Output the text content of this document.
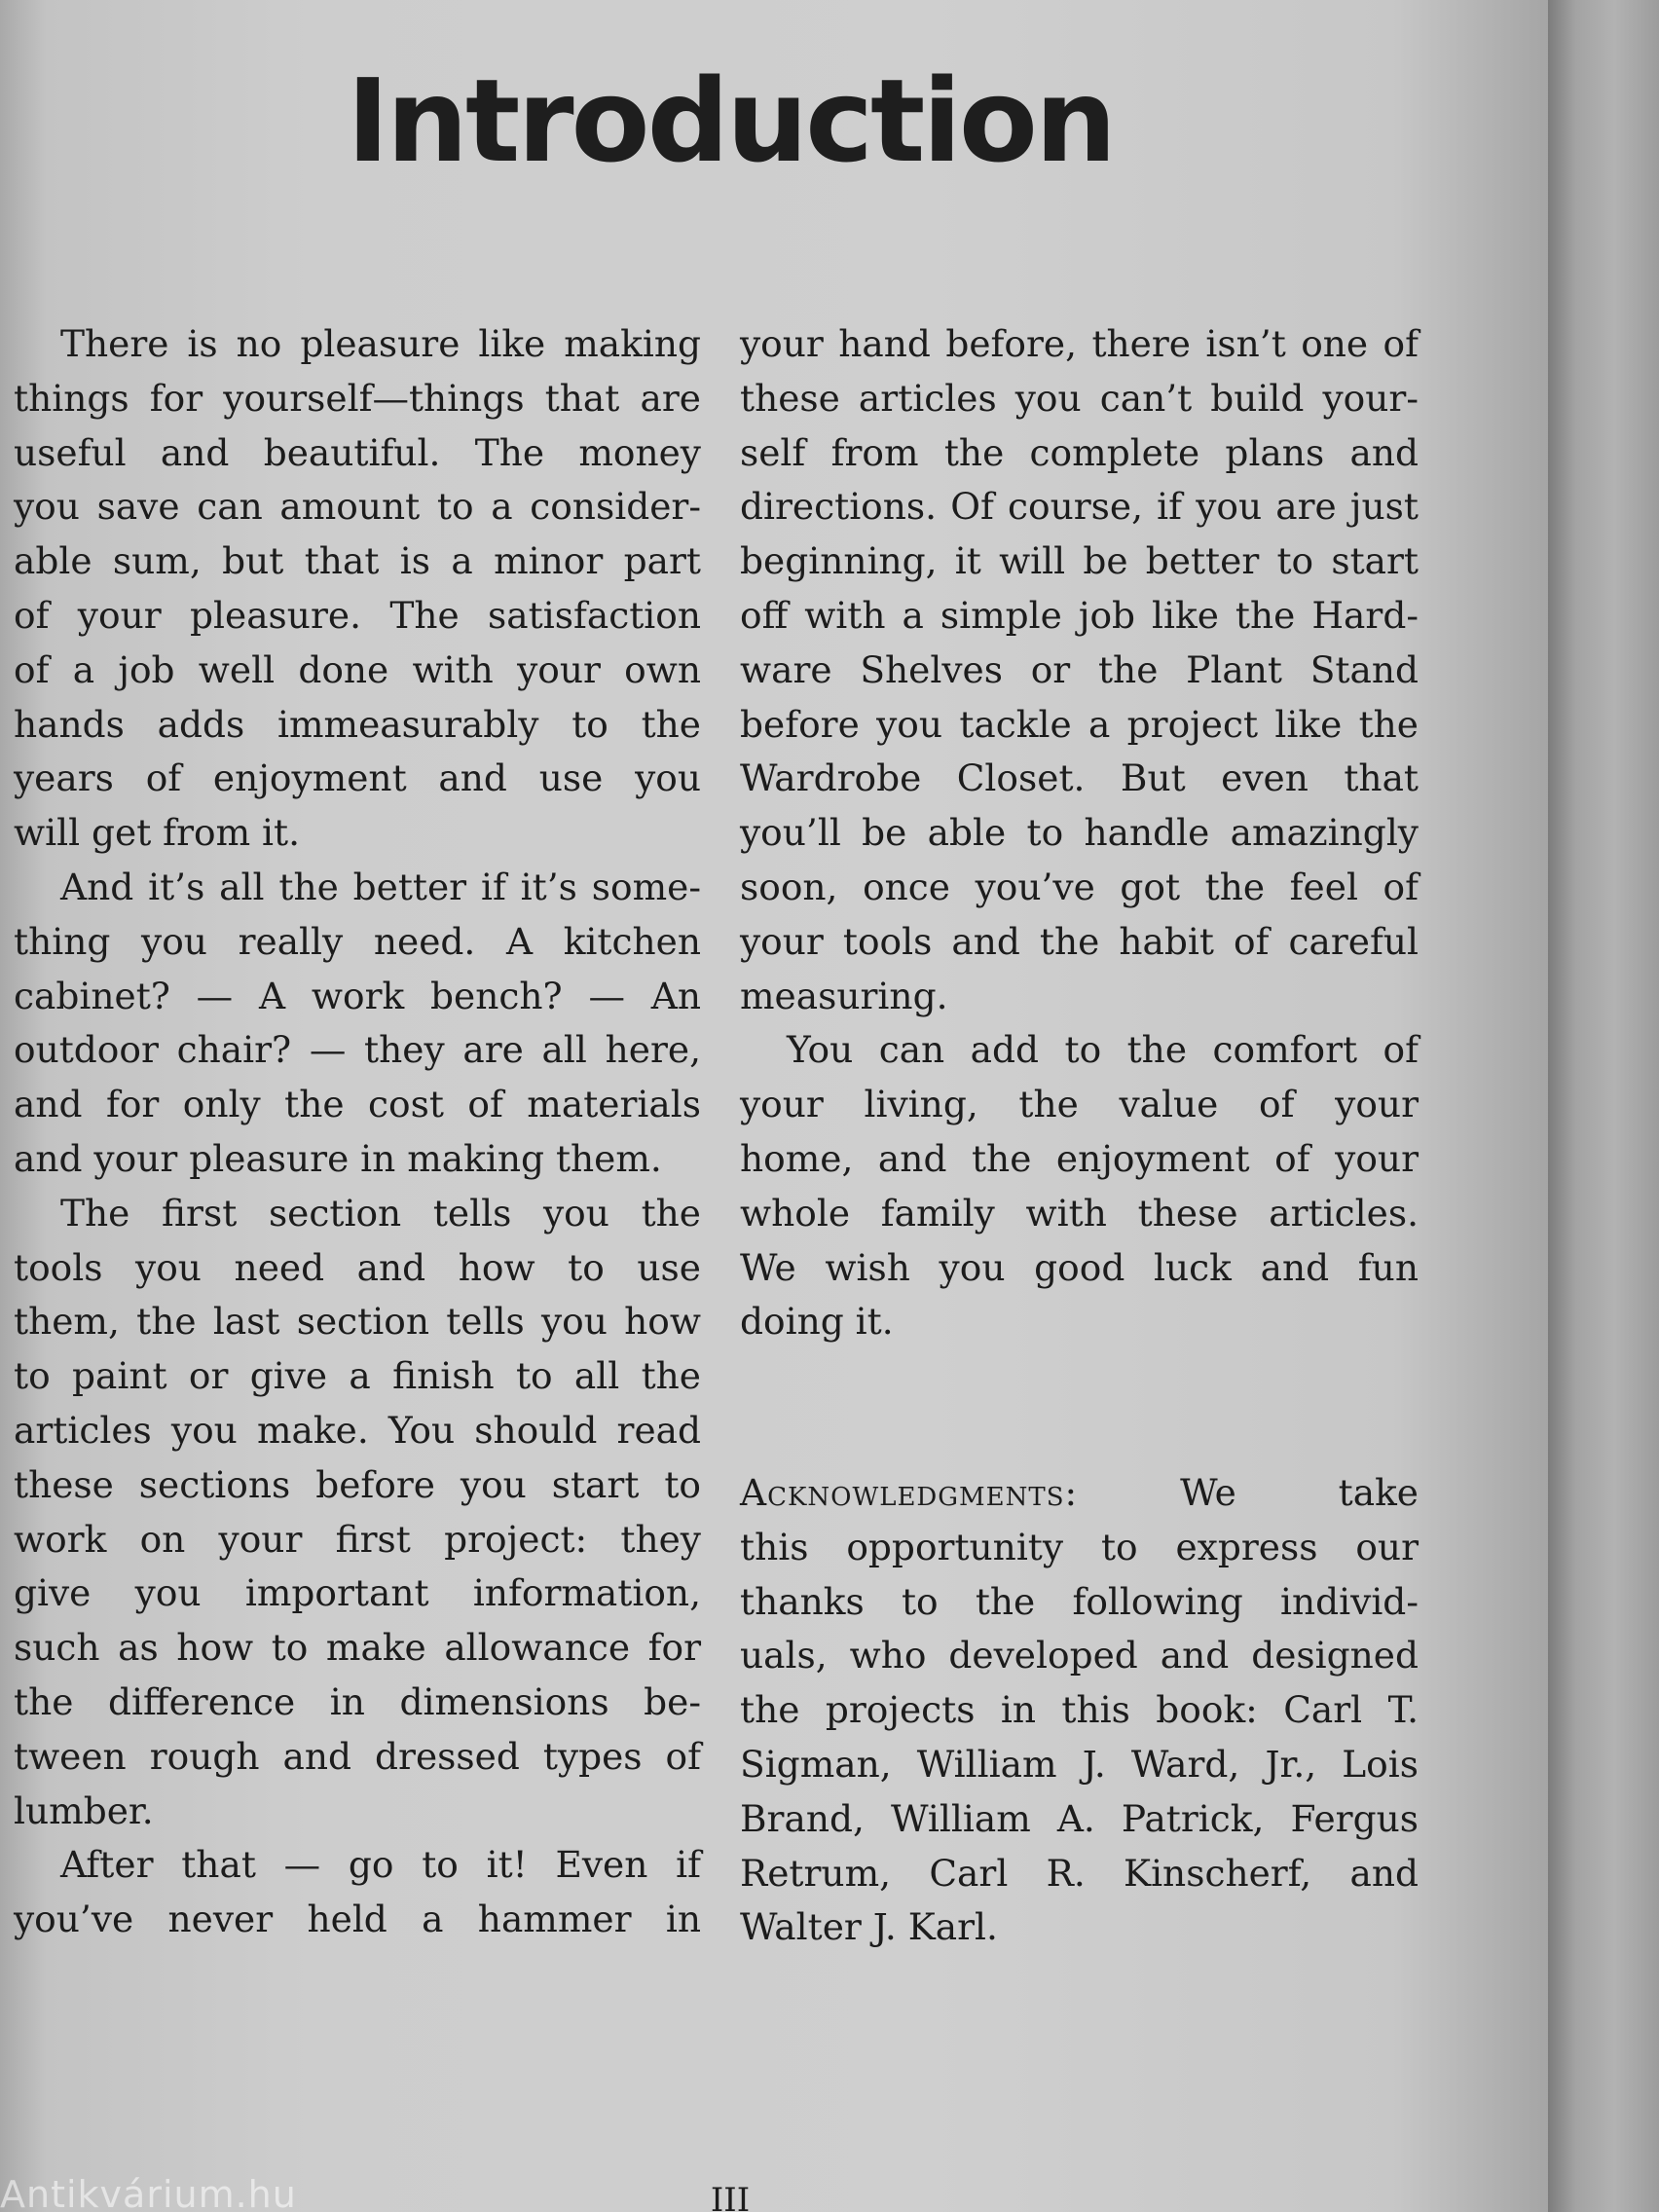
Introduction
There is no pleasure like making
things for yourself—things that are
useful and beautiful. The money
you save can amount to a consider-
able sum, but that is a minor part
of your pleasure. The satisfaction
of a job well done with your own
hands adds immeasurably to the
years of enjoyment and use you
will get from it.
And it’s all the better if it’s some-
thing you really need. A kitchen
cabinet? — A work bench? — An
outdoor chair? — they are all here,
and for only the cost of materials
and your pleasure in making them.
The first section tells you the
tools you need and how to use
them, the last section tells you how
to paint or give a finish to all the
articles you make. You should read
these sections before you start to
work on your first project: they
give you important information,
such as how to make allowance for
the difference in dimensions be-
tween rough and dressed types of
lumber.
After that — go to it! Even if
you’ve never held a hammer in
your hand before, there isn’t one of
these articles you can’t build your-
self from the complete plans and
directions. Of course, if you are just
beginning, it will be better to start
off with a simple job like the Hard-
ware Shelves or the Plant Stand
before you tackle a project like the
Wardrobe Closet. But even that
you’ll be able to handle amazingly
soon, once you’ve got the feel of
your tools and the habit of careful
measuring.
You can add to the comfort of
your living, the value of your
home, and the enjoyment of your
whole family with these articles.
We wish you good luck and fun
doing it.
Acknowledgments:	We take
this opportunity to express our
thanks to the following individ-
uals, who developed and designed
the projects in this book: Carl T.
Sigman, William J. Ward, Jr., Lois
Brand, William A. Patrick, Fergus
Retrum, Carl R. Kinscherf, and
Walter J. Karl.
III
Antikvárium.hu
